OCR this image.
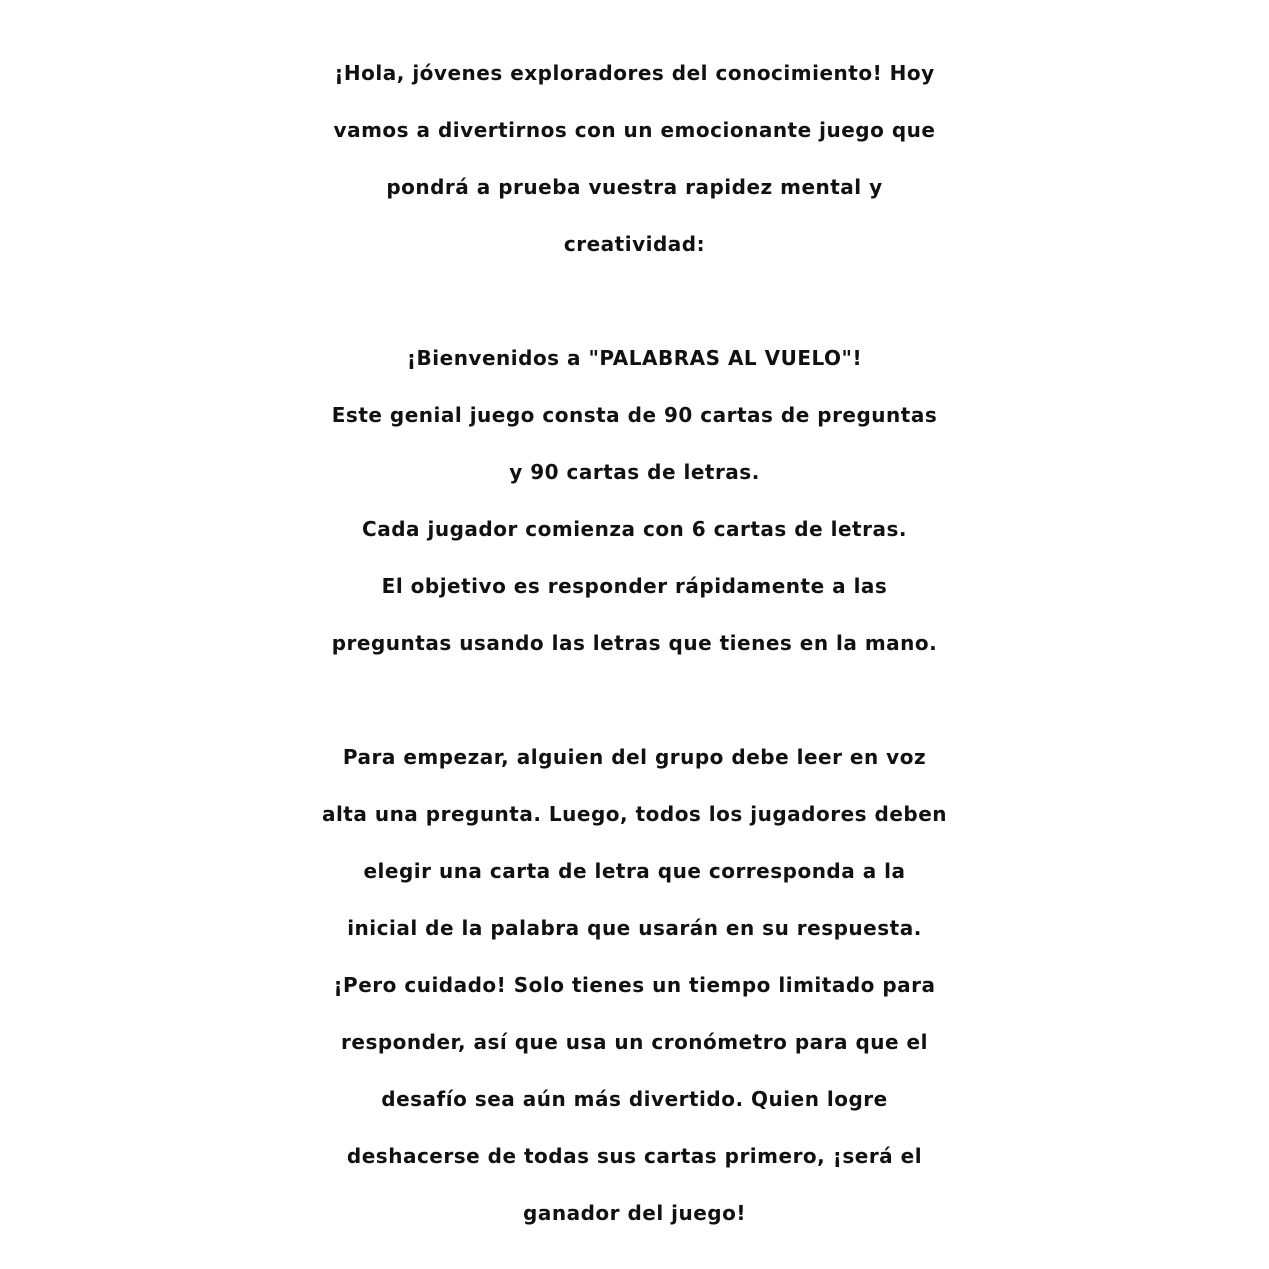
¡Hola, jóvenes exploradores del conocimiento! Hoy
vamos a divertirnos con un emocionante juego que
pondrá a prueba vuestra rapidez mental y
creatividad:
¡Bienvenidos a "PALABRAS AL VUELO"!
Este genial juego consta de 90 cartas de preguntas
y 90 cartas de letras.
Cada jugador comienza con 6 cartas de letras.
El objetivo es responder rápidamente a las
preguntas usando las letras que tienes en la mano.
Para empezar, alguien del grupo debe leer en voz
alta una pregunta. Luego, todos los jugadores deben
elegir una carta de letra que corresponda a la
inicial de la palabra que usarán en su respuesta.
¡Pero cuidado! Solo tienes un tiempo limitado para
responder, así que usa un cronómetro para que el
desafío sea aún más divertido. Quien logre
deshacerse de todas sus cartas primero, ¡será el
ganador del juego!
